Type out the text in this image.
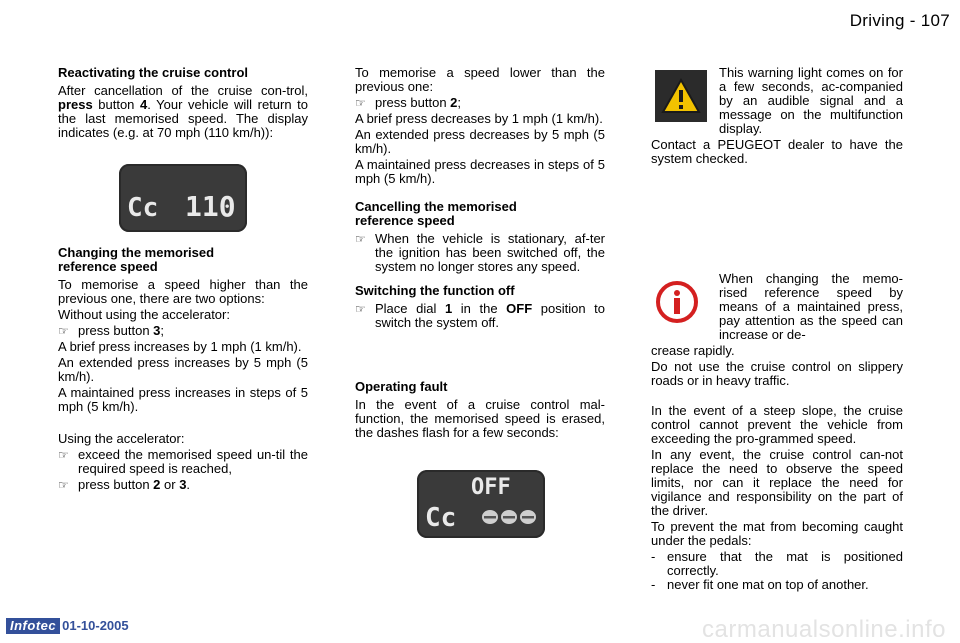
Driving - 107
Reactivating the cruise control

After cancellation of the cruise con-trol, press button 4. Your vehicle will return to the last memorised speed. The display indicates (e.g. at 70 mph (110 km/h)):

Cc 110
Changing the memorised
reference speed

To memorise a speed higher than the previous one, there are two options:

Without using the accelerator:

☞ press button 3;

A brief press increases by 1 mph (1 km/h).

An extended press increases by 5 mph (5 km/h).

A maintained press increases in steps of 5 mph (5 km/h).

Using the accelerator:

☞ exceed the memorised speed un-til the required speed is reached,
☞ press button 2 or 3.

To memorise a speed lower than the previous one:

☞ press button 2;

A brief press decreases by 1 mph (1 km/h).

An extended press decreases by 5 mph (5 km/h).

A maintained press decreases in steps of 5 mph (5 km/h).

Cancelling the memorised
reference speed
☞ When the vehicle is stationary, af-ter the ignition has been switched off, the system no longer stores any speed.
Switching the function off
☞ Place dial 1 in the OFF position to switch the system off.
Operating fault

In the event of a cruise control mal-function, the memorised speed is erased, the dashes flash for a few seconds:

OFF
Cc

This warning light comes on for a few seconds, ac-companied by an audible signal and a message on the multifunction display.

Contact a PEUGEOT dealer to have the system checked.

When changing the memo-rised reference speed by means of a maintained press, pay attention as the speed can increase or de-

crease rapidly.

Do not use the cruise control on slippery roads or in heavy traffic.

In the event of a steep slope, the cruise control cannot prevent the vehicle from exceeding the pro-grammed speed.

In any event, the cruise control can-not replace the need to observe the speed limits, nor can it replace the need for vigilance and responsibility on the part of the driver.

To prevent the mat from becoming caught under the pedals:

- ensure that the mat is positioned correctly.
- never fit one mat on top of another.
Infotec 01-10-2005	carmanualsonline.info
